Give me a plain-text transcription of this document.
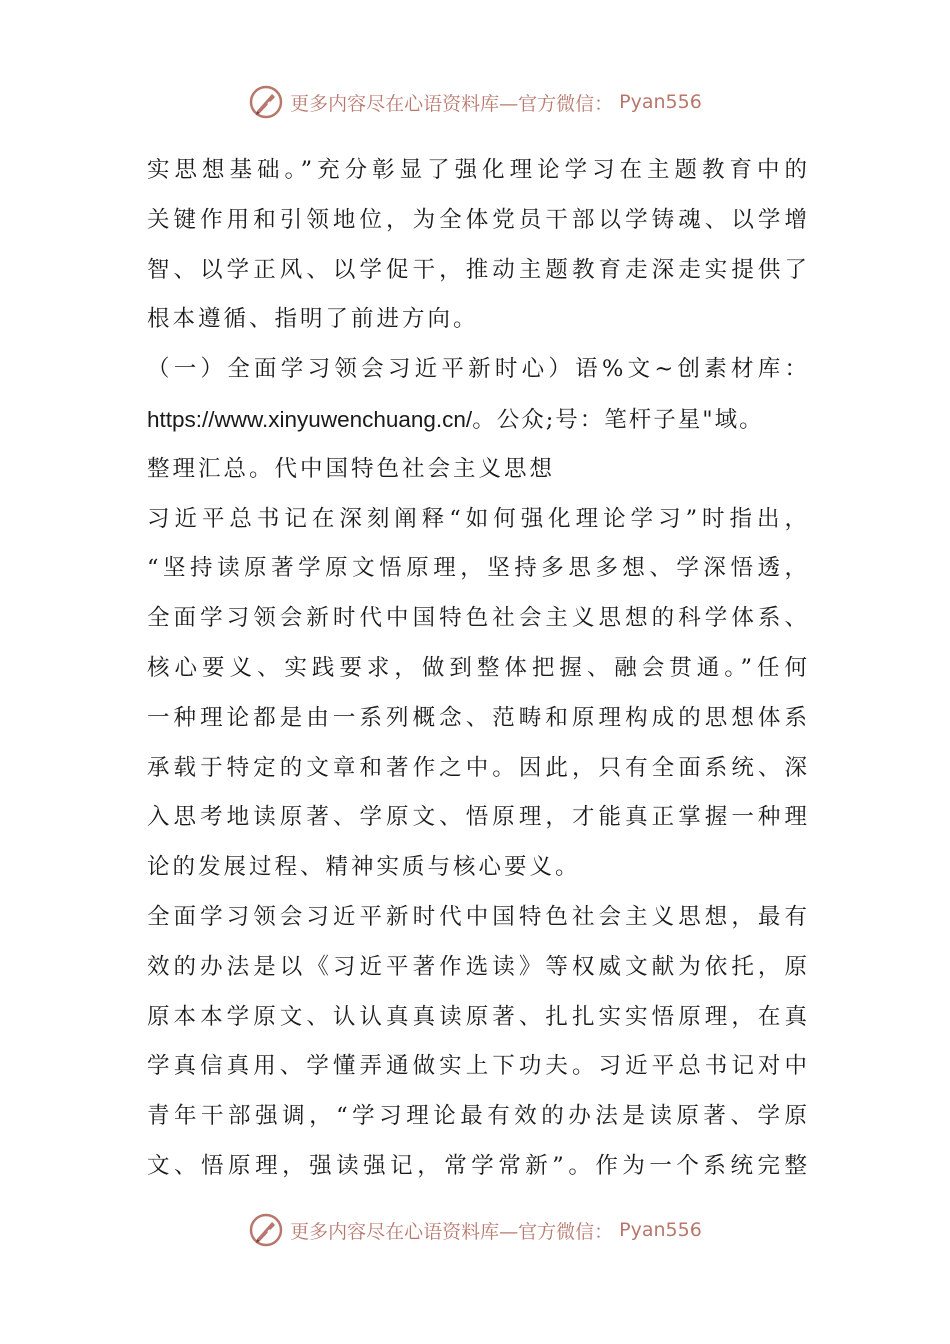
更多内容尽在心语资料库—官方微信： Pyan556
实思想基础。”充分彰显了强化理论学习在主题教育中的
关键作用和引领地位，为全体党员干部以学铸魂、以学增
智、以学正风、以学促干，推动主题教育走深走实提供了
根本遵循、指明了前进方向。
（一）全面学习领会习近平新时心）语%文~创素材库：
https://www.xinyuwenchuang.cn/。公众;号：笔杆子星"域。
整理汇总。代中国特色社会主义思想
习近平总书记在深刻阐释“如何强化理论学习”时指出，
“坚持读原著学原文悟原理，坚持多思多想、学深悟透，
全面学习领会新时代中国特色社会主义思想的科学体系、
核心要义、实践要求，做到整体把握、融会贯通。”任何
一种理论都是由一系列概念、范畴和原理构成的思想体系
承载于特定的文章和著作之中。因此，只有全面系统、深
入思考地读原著、学原文、悟原理，才能真正掌握一种理
论的发展过程、精神实质与核心要义。
全面学习领会习近平新时代中国特色社会主义思想，最有
效的办法是以《习近平著作选读》等权威文献为依托，原
原本本学原文、认认真真读原著、扎扎实实悟原理，在真
学真信真用、学懂弄通做实上下功夫。习近平总书记对中
青年干部强调，“学习理论最有效的办法是读原著、学原
文、悟原理，强读强记，常学常新”。作为一个系统完整
更多内容尽在心语资料库—官方微信： Pyan556
